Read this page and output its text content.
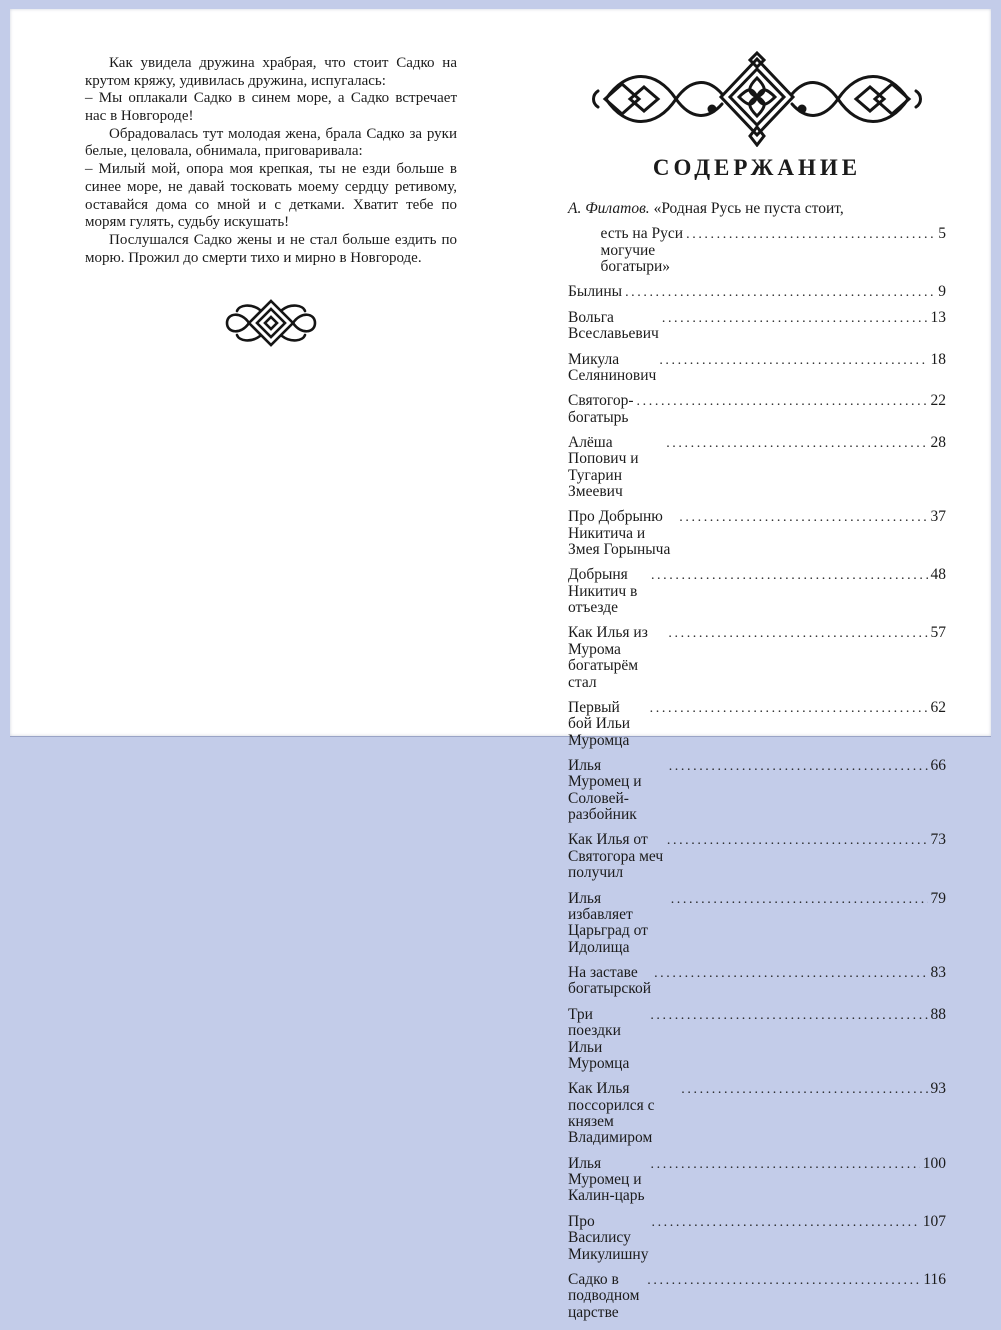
Как увидела дружина храбрая, что стоит Садко на крутом кряжу, удивилась дружина, испугалась:

– Мы оплакали Садко в синем море, а Садко встречает нас в Новгороде!

Обрадовалась тут молодая жена, брала Садко за руки белые, целовала, обнимала, приговаривала:

– Милый мой, опора моя крепкая, ты не езди больше в синее море, не давай тосковать моему сердцу ретивому, оставайся дома со мной и с детками. Хватит тебе по морям гулять, судьбу искушать!

Послушался Садко жены и не стал больше ездить по морю. Прожил до смерти тихо и мирно в Новгороде.

СОДЕРЖАНИЕ
А. Филатов. «Родная Русь не пуста стоит,
есть на Руси могучие богатыри»
.....
5
Былины .....	9
Вольга Всеславьевич
.....
13
Микула Селянинович
.....
18
Святогор-богатырь
.....
22
Алёша Попович и Тугарин Змеевич
.....
28
Про Добрыню Никитича и Змея Горыныча
.....
37
Добрыня Никитич в отъезде
.....
48
Как Илья из Мурома богатырём стал
.....
57
Первый бой Ильи Муромца
.....
62
Илья Муромец и Соловей-разбойник
.....
66
Как Илья от Святогора меч получил
.....
73
Илья избавляет Царьград от Идолища
.....
79
На заставе богатырской
.....
83
Три поездки Ильи Муромца
.....
88
Как Илья поссорился с князем Владимиром
.....
93
Илья Муромец и Калин-царь
.....
100
Про Василису Микулишну
.....
107
Садко в подводном царстве
.....
116
